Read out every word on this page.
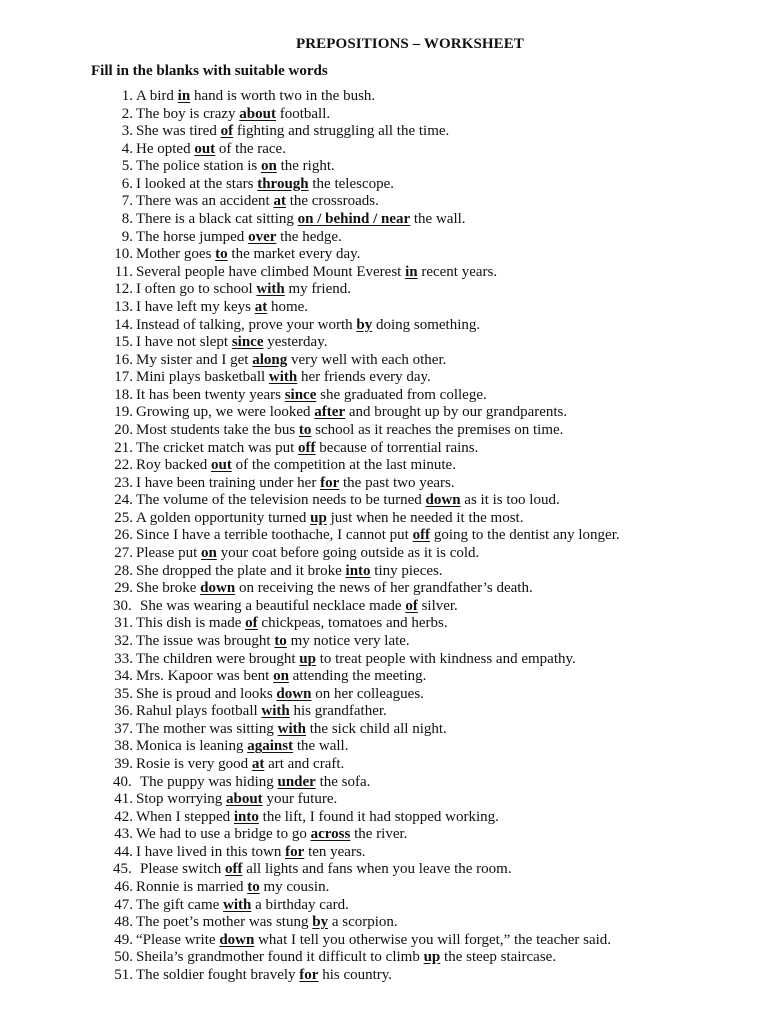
PREPOSITIONS – WORKSHEET
Fill in the blanks with suitable words
1. A bird in hand is worth two in the bush.
2. The boy is crazy about football.
3. She was tired of fighting and struggling all the time.
4. He opted out of the race.
5. The police station is on the right.
6. I looked at the stars through the telescope.
7. There was an accident at the crossroads.
8. There is a black cat sitting on / behind / near the wall.
9. The horse jumped over the hedge.
10. Mother goes to the market every day.
11. Several people have climbed Mount Everest in recent years.
12. I often go to school with my friend.
13. I have left my keys at home.
14. Instead of talking, prove your worth by doing something.
15. I have not slept since yesterday.
16. My sister and I get along very well with each other.
17. Mini plays basketball with her friends every day.
18. It has been twenty years since she graduated from college.
19. Growing up, we were looked after and brought up by our grandparents.
20. Most students take the bus to school as it reaches the premises on time.
21. The cricket match was put off because of torrential rains.
22. Roy backed out of the competition at the last minute.
23. I have been training under her for the past two years.
24. The volume of the television needs to be turned down as it is too loud.
25. A golden opportunity turned up just when he needed it the most.
26. Since I have a terrible toothache, I cannot put off going to the dentist any longer.
27. Please put on your coat before going outside as it is cold.
28. She dropped the plate and it broke into tiny pieces.
29. She broke down on receiving the news of her grandfather’s death.
30. She was wearing a beautiful necklace made of silver.
31. This dish is made of chickpeas, tomatoes and herbs.
32. The issue was brought to my notice very late.
33. The children were brought up to treat people with kindness and empathy.
34. Mrs. Kapoor was bent on attending the meeting.
35. She is proud and looks down on her colleagues.
36. Rahul plays football with his grandfather.
37. The mother was sitting with the sick child all night.
38. Monica is leaning against the wall.
39. Rosie is very good at art and craft.
40. The puppy was hiding under the sofa.
41. Stop worrying about your future.
42. When I stepped into the lift, I found it had stopped working.
43. We had to use a bridge to go across the river.
44. I have lived in this town for ten years.
45. Please switch off all lights and fans when you leave the room.
46. Ronnie is married to my cousin.
47. The gift came with a birthday card.
48. The poet’s mother was stung by a scorpion.
49. “Please write down what I tell you otherwise you will forget,” the teacher said.
50. Sheila’s grandmother found it difficult to climb up the steep staircase.
51. The soldier fought bravely for his country.
